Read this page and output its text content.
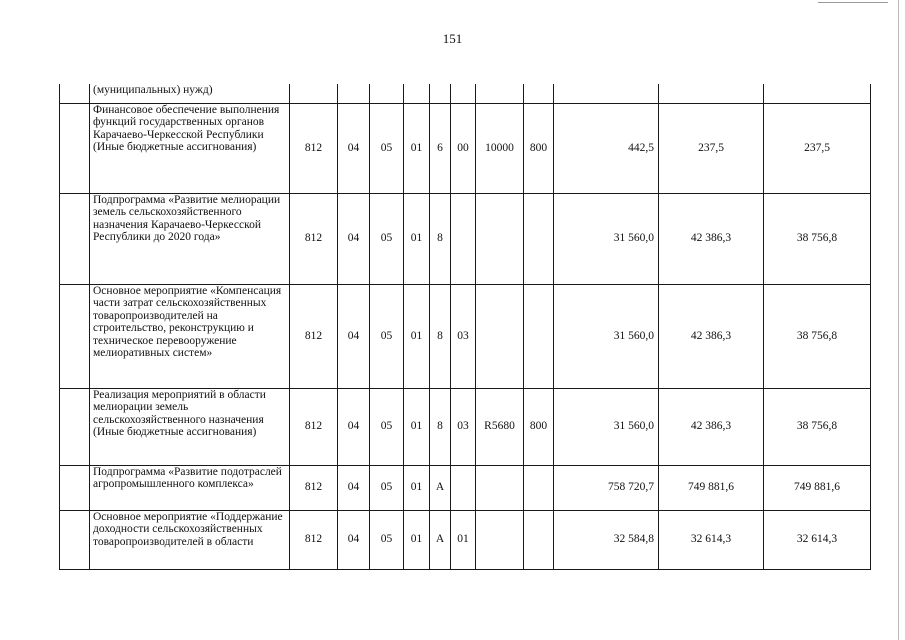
151
	(муниципальных) нужд)											
	Финансовое обеспечение выполнения функций государственных органов Карачаево-Черкесской Республики (Иные бюджетные ассигнования)	812	04	05	01	6	00	10000	800	442,5	237,5	237,5
	Подпрограмма «Развитие мелиорации земель сельскохозяйственного назначения Карачаево-Черкесской Республики до 2020 года»	812	04	05	01	8				31 560,0	42 386,3	38 756,8
	Основное мероприятие «Компенсация части затрат сельскохозяйственных товаропроизводителей на строительство, реконструкцию и техническое перевооружение мелиоративных систем»	812	04	05	01	8	03			31 560,0	42 386,3	38 756,8
	Реализация мероприятий в области мелиорации земель сельскохозяйственного назначения (Иные бюджетные ассигнования)	812	04	05	01	8	03	R5680	800	31 560,0	42 386,3	38 756,8
	Подпрограмма «Развитие подотраслей агропромышленного комплекса»	812	04	05	01	А				758 720,7	749 881,6	749 881,6
	Основное мероприятие «Поддержание доходности сельскохозяйственных товаропроизводителей в области	812	04	05	01	А	01			32 584,8	32 614,3	32 614,3
